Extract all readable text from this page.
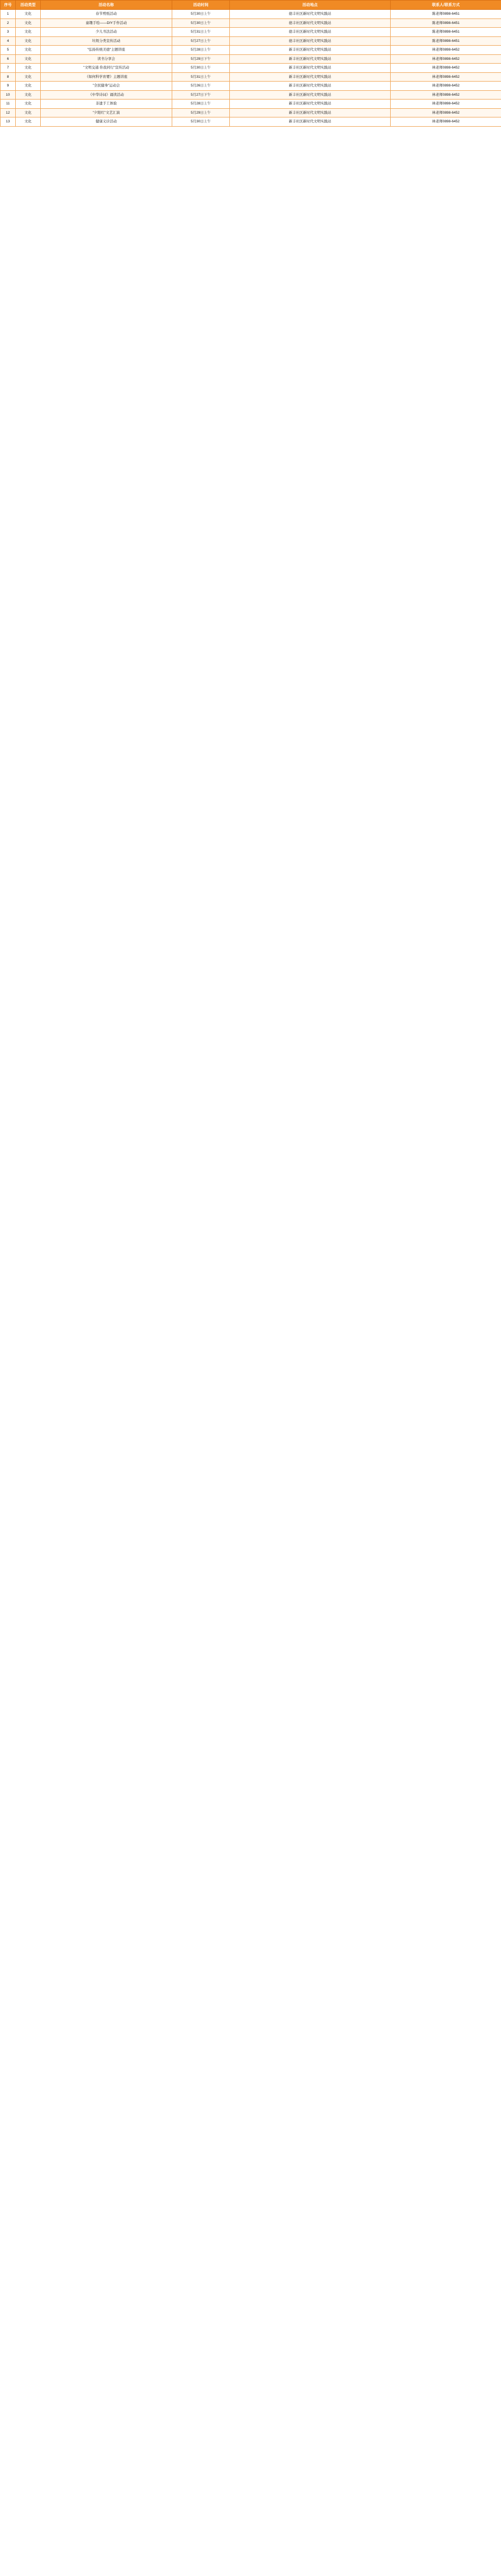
序号	活动类型	活动名称	活动时间	活动地点	联系人/联系方式
1	文化	春节剪纸活动	5月30日上午	德丰社区新时代文明实践站	陈老师0898-6451
2	文化	童趣手绘——DIY手作活动	5月30日上午	德丰社区新时代文明实践站	陈老师0898-6451
3	文化	少儿书法活动	5月31日上午	德丰社区新时代文明实践站	陈老师0898-6451
4	文化	垃圾分类宣传活动	5月27日上午	德丰社区新时代文明实践站	陈老师0898-6451
5	文化	"弘扬传统美德"主题讲座	5月28日上午	新丰社区新时代文明实践站	林老师0898-6452
6	文化	读书分享会	5月29日下午	新丰社区新时代文明实践站	林老师0898-6452
7	文化	"文明交通 你我同行"宣传活动	5月30日上午	新丰社区新时代文明实践站	林老师0898-6452
8	文化	《如何科学育婴》主题讲座	5月31日上午	新丰社区新时代文明实践站	林老师0898-6452
9	文化	"全民健身"运动会	5月26日上午	新丰社区新时代文明实践站	林老师0898-6452
10	文化	《中华诗词》诵读活动	5月27日下午	新丰社区新时代文明实践站	林老师0898-6452
11	文化	非遗手工体验	5月28日上午	新丰社区新时代文明实践站	林老师0898-6452
12	文化	"夕阳红"文艺汇演	5月29日上午	新丰社区新时代文明实践站	林老师0898-6452
13	文化	健康义诊活动	5月30日上午	新丰社区新时代文明实践站	林老师0898-6452
